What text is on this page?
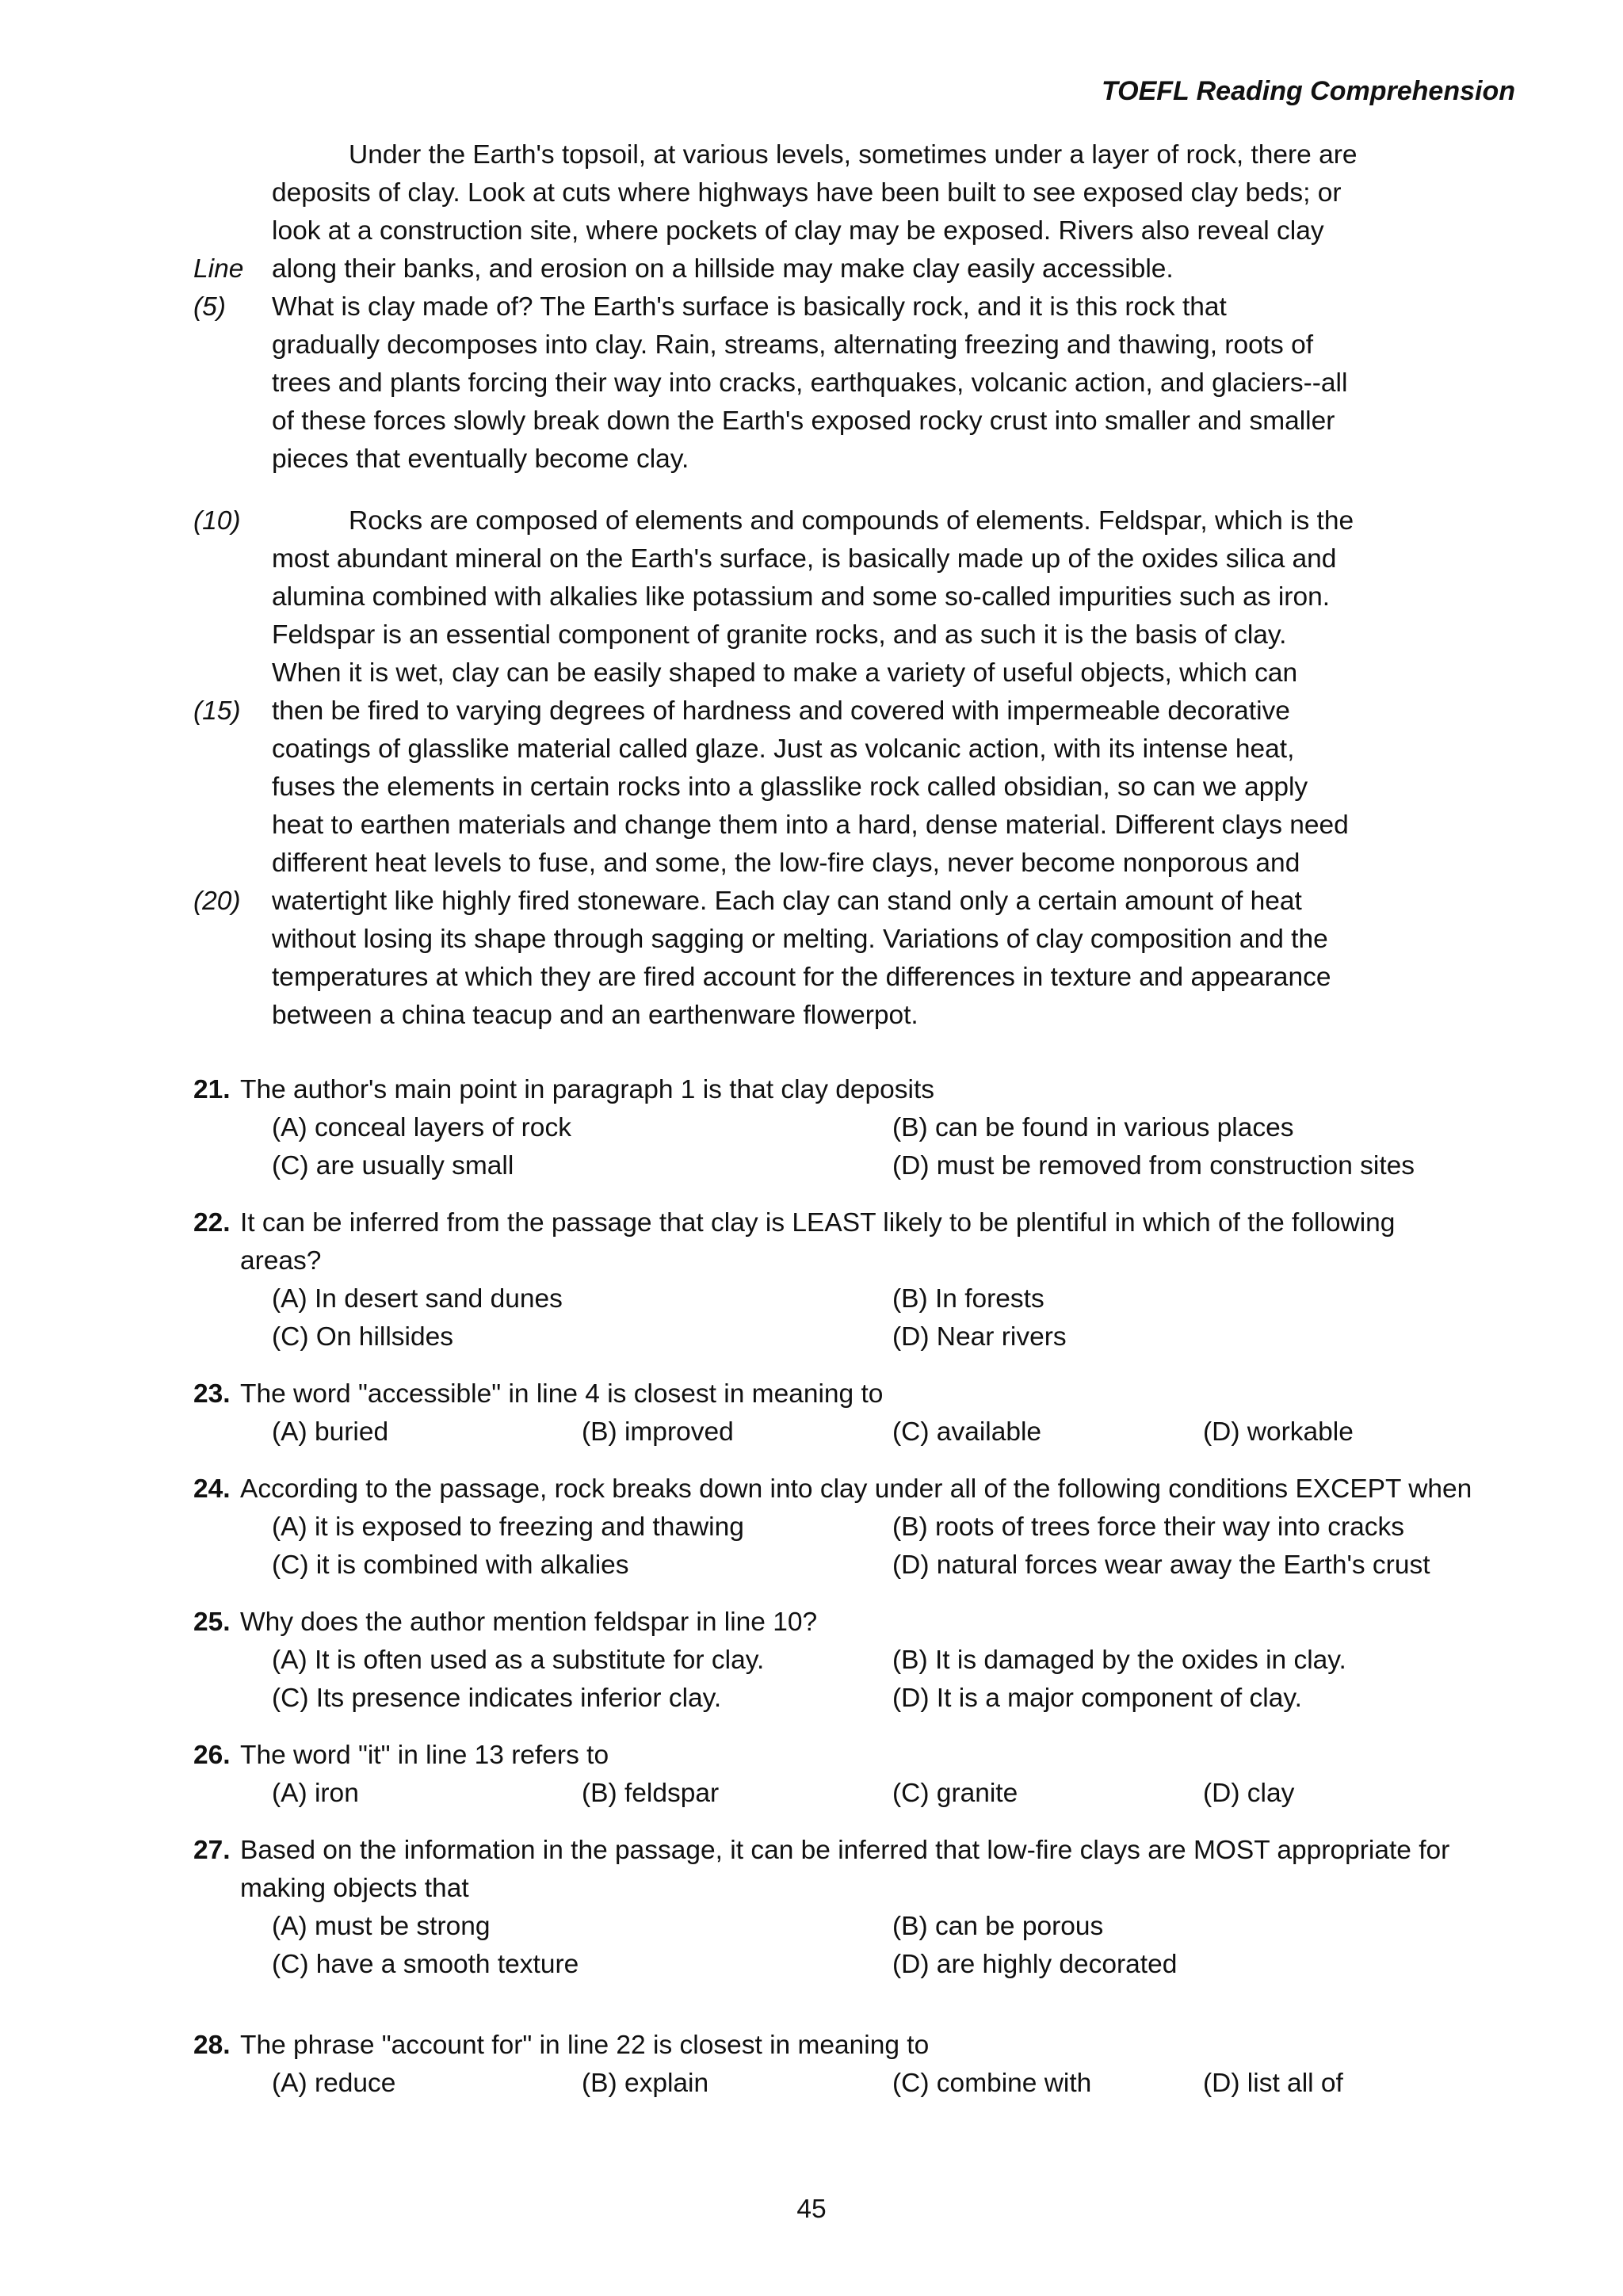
TOEFL Reading Comprehension
Under the Earth's topsoil, at various levels, sometimes under a layer of rock, there are
deposits of clay. Look at cuts where highways have been built to see exposed clay beds; or
look at a construction site, where pockets of clay may be exposed. Rivers also reveal clay
Line along their banks, and erosion on a hillside may make clay easily accessible.
(5) What is clay made of? The Earth's surface is basically rock, and it is this rock that
gradually decomposes into clay. Rain, streams, alternating freezing and thawing, roots of
trees and plants forcing their way into cracks, earthquakes, volcanic action, and glaciers--all
of these forces slowly break down the Earth's exposed rocky crust into smaller and smaller
pieces that eventually become clay.
(10)	Rocks are composed of elements and compounds of elements. Feldspar, which is the
most abundant mineral on the Earth's surface, is basically made up of the oxides silica and
alumina combined with alkalies like potassium and some so-called impurities such as iron.
Feldspar is an essential component of granite rocks, and as such it is the basis of clay.
When it is wet, clay can be easily shaped to make a variety of useful objects, which can
(15) then be fired to varying degrees of hardness and covered with impermeable decorative
coatings of glasslike material called glaze. Just as volcanic action, with its intense heat,
fuses the elements in certain rocks into a glasslike rock called obsidian, so can we apply
heat to earthen materials and change them into a hard, dense material. Different clays need
different heat levels to fuse, and some, the low-fire clays, never become nonporous and
(20) watertight like highly fired stoneware. Each clay can stand only a certain amount of heat
without losing its shape through sagging or melting. Variations of clay composition and the
temperatures at which they are fired account for the differences in texture and appearance
between a china teacup and an earthenware flowerpot.
21. The author's main point in paragraph 1 is that clay deposits
(A) conceal layers of rock	(B) can be found in various places
(C) are usually small	(D) must be removed from construction sites
22. It can be inferred from the passage that clay is LEAST likely to be plentiful in which of the following
areas?
(A) In desert sand dunes	(B) In forests
(C) On hillsides	(D) Near rivers
23. The word "accessible" in line 4 is closest in meaning to
(A) buried	(B) improved	(C) available	(D) workable
24. According to the passage, rock breaks down into clay under all of the following conditions EXCEPT when
(A) it is exposed to freezing and thawing	(B) roots of trees force their way into cracks
(C) it is combined with alkalies	(D) natural forces wear away the Earth's crust
25. Why does the author mention feldspar in line 10?
(A) It is often used as a substitute for clay.	(B) It is damaged by the oxides in clay.
(C) Its presence indicates inferior clay.	(D) It is a major component of clay.
26. The word "it" in line 13 refers to
(A) iron	(B) feldspar	(C) granite	(D) clay
27. Based on the information in the passage, it can be inferred that low-fire clays are MOST appropriate for
making objects that
(A) must be strong	(B) can be porous
(C) have a smooth texture	(D) are highly decorated
28. The phrase "account for" in line 22 is closest in meaning to
(A) reduce	(B) explain	(C) combine with	(D) list all of
45
